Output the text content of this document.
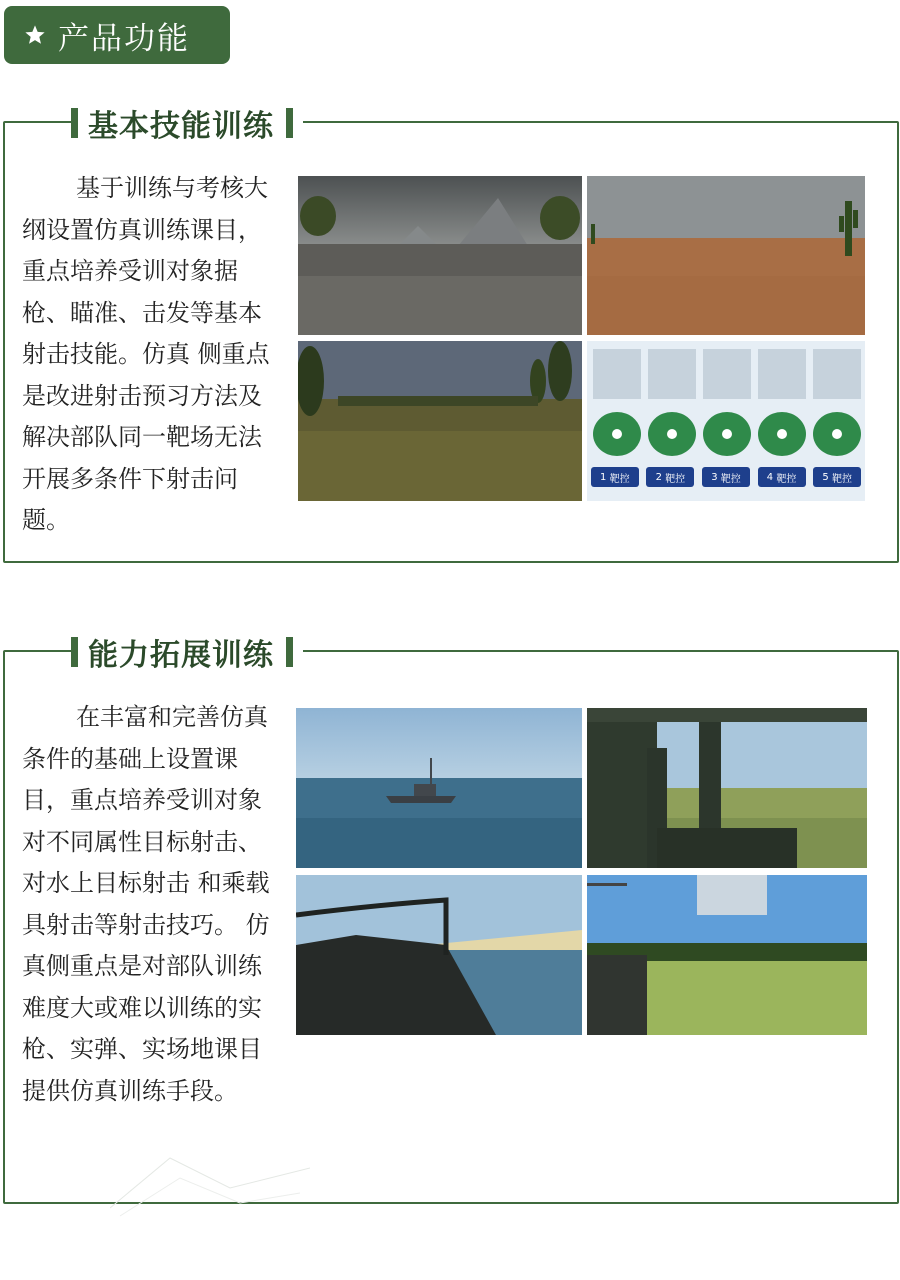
产品功能
基本技能训练
基于训练与考核大纲设置仿真训练课目，重点培养受训对象据枪、瞄准、击发等基本射击技能。仿真 侧重点是改进射击预习方法及解决部队同一靶场无法开展多条件下射击问题。
1
靶控	2
靶控	3
靶控	4
靶控	5
靶控
能力拓展训练
在丰富和完善仿真条件的基础上设置课目，重点培养受训对象对不同属性目标射击、对水上目标射击 和乘载具射击等射击技巧。 仿真侧重点是对部队训练难度大或难以训练的实枪、实弹、实场地课目提供仿真训练手段。
